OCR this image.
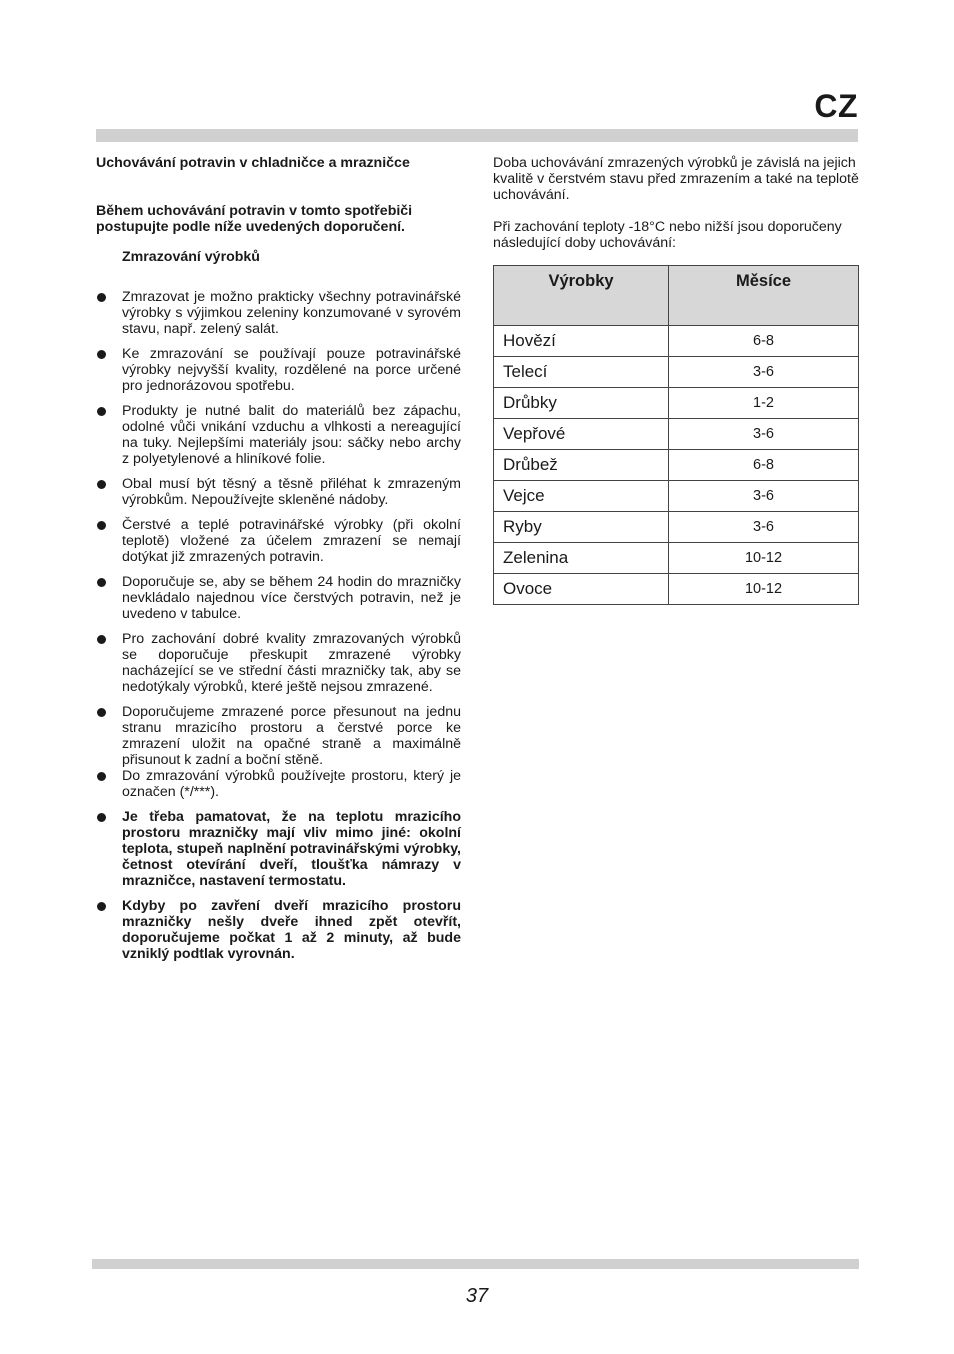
CZ
Uchovávání potravin v chladničce a mrazničce
Během uchovávání potravin v tomto spotřebiči postupujte podle níže uvedených doporučení.
Zmrazování výrobků
Zmrazovat je možno prakticky všechny potravinářské výrobky s výjimkou zeleniny konzumované v syrovém stavu, např. zelený salát.
Ke zmrazování se používají pouze potravinářské výrobky nejvyšší kvality, rozdělené na porce určené pro jednorázovou spotřebu.
Produkty je nutné balit do materiálů bez zápachu, odolné vůči vnikání vzduchu a vlhkosti a nereagující na tuky. Nejlepšími materiály jsou: sáčky nebo archy z polyetylenové a hliníkové folie.
Obal musí být těsný a těsně přiléhat k zmrazeným výrobkům. Nepoužívejte skleněné nádoby.
Čerstvé a teplé potravinářské výrobky (při okolní teplotě) vložené za účelem zmrazení se nemají dotýkat již zmrazených potravin.
Doporučuje se, aby se během 24 hodin do mrazničky nevkládalo najednou více čerstvých potravin, než je uvedeno v tabulce.
Pro zachování dobré kvality zmrazovaných výrobků se doporučuje přeskupit zmrazené výrobky nacházející se ve střední části mrazničky tak, aby se nedotýkaly výrobků, které ještě nejsou zmrazené.
Doporučujeme zmrazené porce přesunout na jednu stranu mrazicího prostoru a čerstvé porce ke zmrazení uložit na opačné straně a maximálně přisunout k zadní a boční stěně.
Do zmrazování výrobků používejte prostoru, který je označen (*/***).
Je třeba pamatovat, že na teplotu mrazicího prostoru mrazničky mají vliv mimo jiné: okolní teplota, stupeň naplnění potravinářskými výrobky, četnost otevírání dveří, tloušťka námrazy v mrazničce, nastavení termostatu.
Kdyby po zavření dveří mrazicího prostoru mrazničky nešly dveře ihned zpět otevřít, doporučujeme počkat 1 až 2 minuty, až bude vzniklý podtlak vyrovnán.

Doba uchovávání zmrazených výrobků je závislá na jejich kvalitě v čerstvém stavu před zmrazením a také na teplotě uchovávání.

Při zachování teploty -18°C nebo nižší jsou doporučeny následující doby uchovávání:

Výrobky	Měsíce
Hovězí	6-8
Telecí	3-6
Drůbky	1-2
Vepřové	3-6
Drůbež	6-8
Vejce	3-6
Ryby	3-6
Zelenina	10-12
Ovoce	10-12
37
